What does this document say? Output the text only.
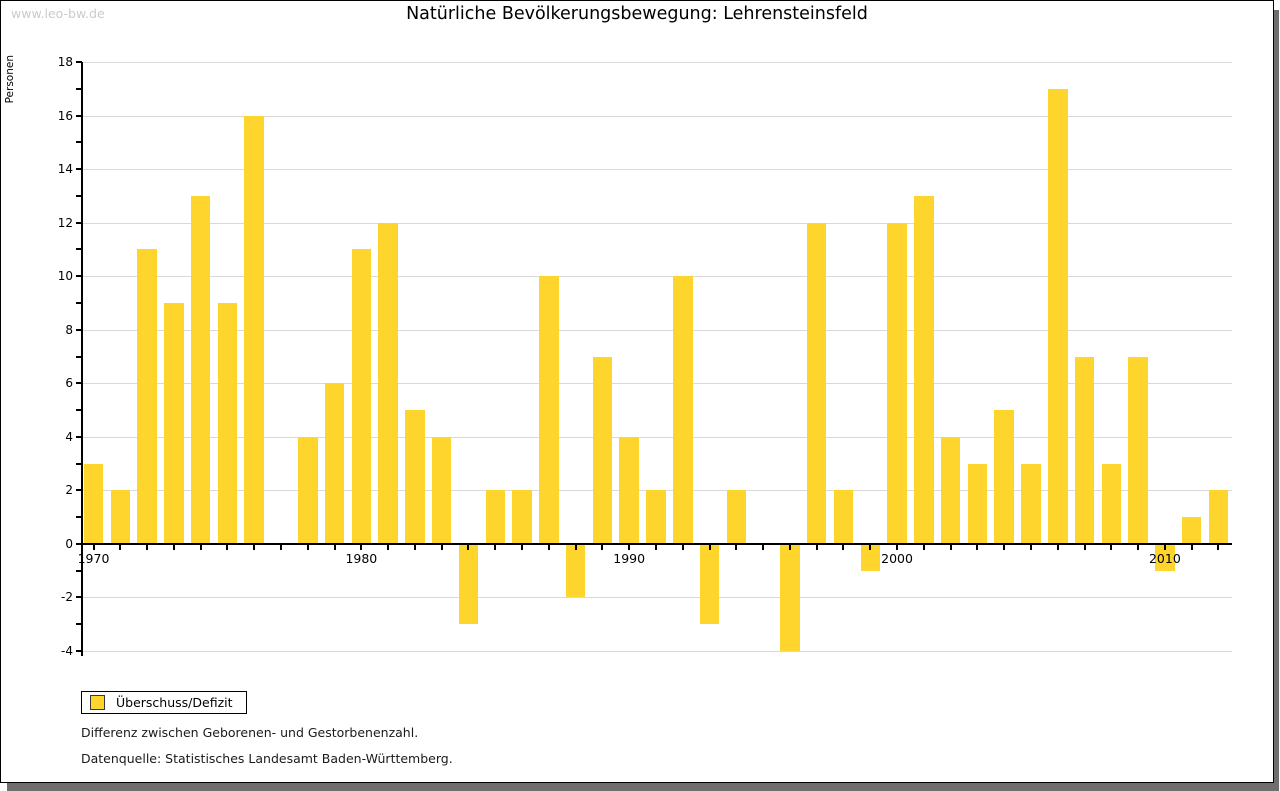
www.leo-bw.de	Natürliche Bevölkerungsbewegung: Lehrensteinsfeld
Personen
-4
-2
0
2
4
6
8
10
12
14
16
18
1970	1980	1990	2000	2010
Überschuss/Defizit
Differenz zwischen Geborenen- und Gestorbenenzahl.
Datenquelle: Statistisches Landesamt Baden-Württemberg.
